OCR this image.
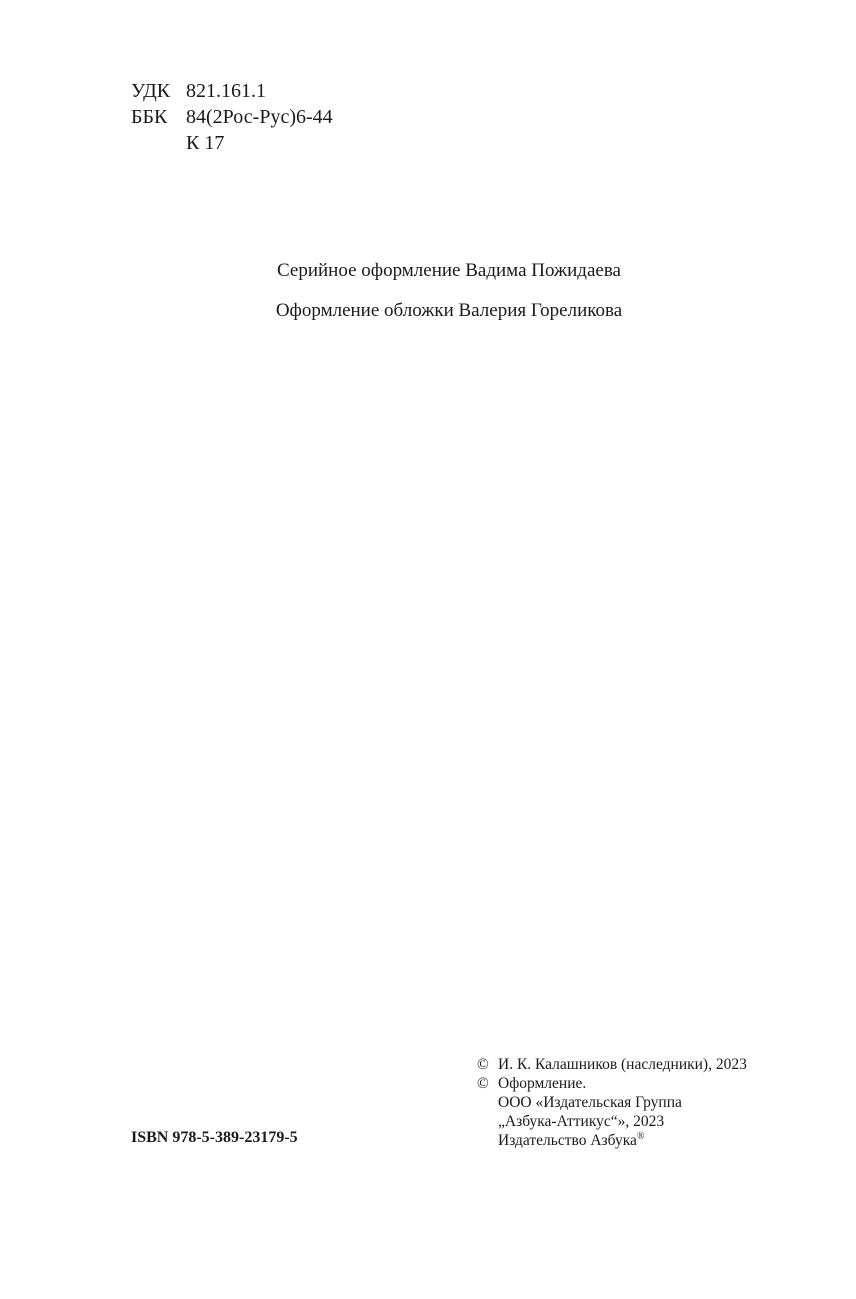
УДК 821.161.1
ББК 84(2Рос-Рус)6-44
К 17
Серийное оформление Вадима Пожидаева
Оформление обложки Валерия Гореликова
ISBN 978-5-389-23179-5
© И. К. Калашников (наследники), 2023
© Оформление.
ООО «Издательская Группа
„Азбука-Аттикус“», 2023
Издательство Азбука®
